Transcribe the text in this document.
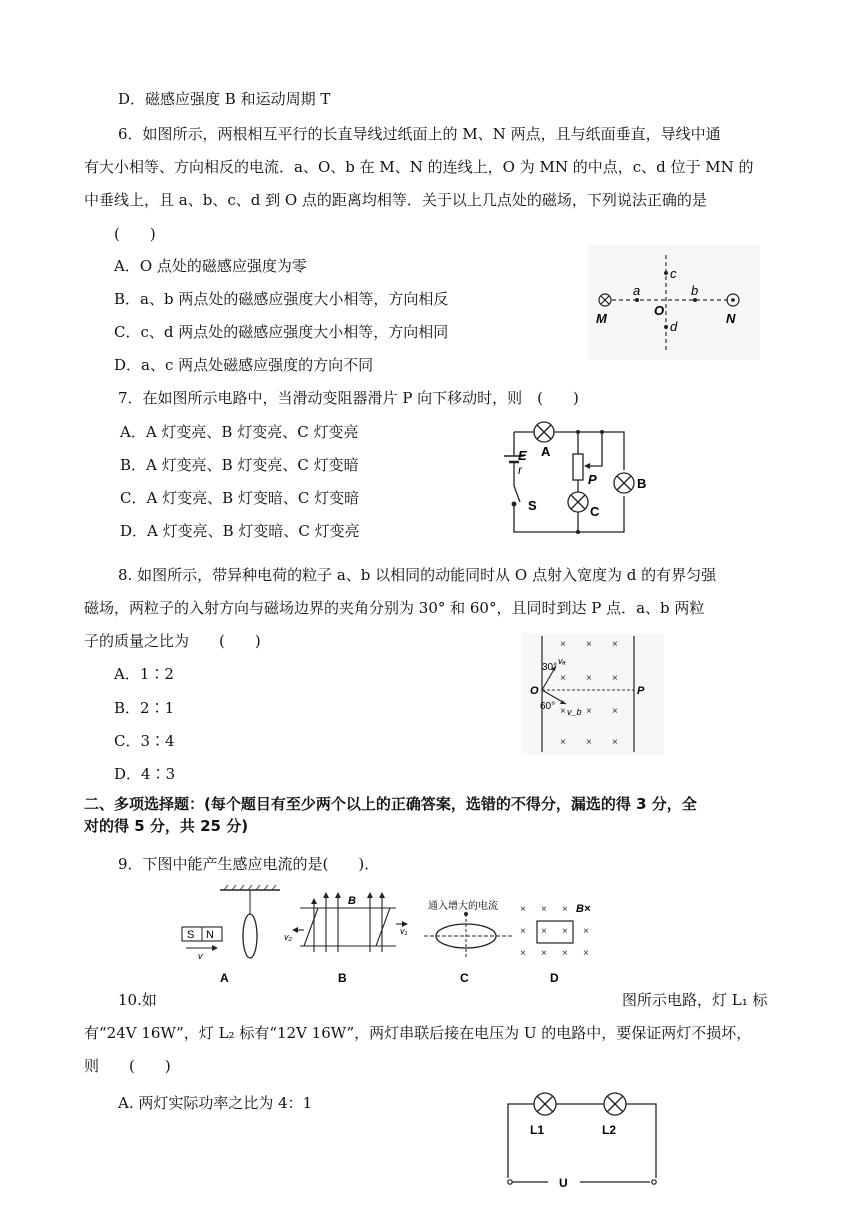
D．磁感应强度 B 和运动周期 T
6．如图所示，两根相互平行的长直导线过纸面上的 M、N 两点，且与纸面垂直，导线中通
有大小相等、方向相反的电流．a、O、b 在 M、N 的连线上，O 为 MN 的中点，c、d 位于 MN 的
中垂线上，且 a、b、c、d 到 O 点的距离均相等．关于以上几点处的磁场，下列说法正确的是
(　　)
A．O 点处的磁感应强度为零
B．a、b 两点处的磁感应强度大小相等，方向相反
C．c、d 两点处的磁感应强度大小相等，方向相同
D．a、c 两点处磁感应强度的方向不同
7．在如图所示电路中，当滑动变阻器滑片 P 向下移动时，则　(　　)
A．A 灯变亮、B 灯变亮、C 灯变亮
B．A 灯变亮、B 灯变亮、C 灯变暗
C．A 灯变亮、B 灯变暗、C 灯变暗
D．A 灯变亮、B 灯变暗、C 灯变亮
8. 如图所示，带异种电荷的粒子 a、b 以相同的动能同时从 O 点射入宽度为 d 的有界匀强
磁场，两粒子的入射方向与磁场边界的夹角分别为 30° 和 60°，且同时到达 P 点．a、b 两粒
子的质量之比为　　(　　)
A．1∶2
B．2∶1
C．3∶4
D．4∶3
二、多项选择题：(每个题目有至少两个以上的正确答案，选错的不得分，漏选的得 3 分，全
对的得 5 分，共 25 分)
9．下图中能产生感应电流的是(　　)．
10.如	图所示电路，灯 L₁ 标
有“24V 16W”，灯 L₂ 标有“12V 16W”，两灯串联后接在电压为 U 的电路中，要保证两灯不损坏，
则　　(　　)
A. 两灯实际功率之比为 4：1
c
a	b
O
d
M	N
A
E
r
P	B
S	C
× × ×
× × ×
× × ×
× × ×
vₐ
30°
O	P
60° v_b
S N
v
A
B
v₂
v₁
B
通入增大的电流
C
× × ×
× × × ×
× × × ×
B×
D
L1	L2
U
